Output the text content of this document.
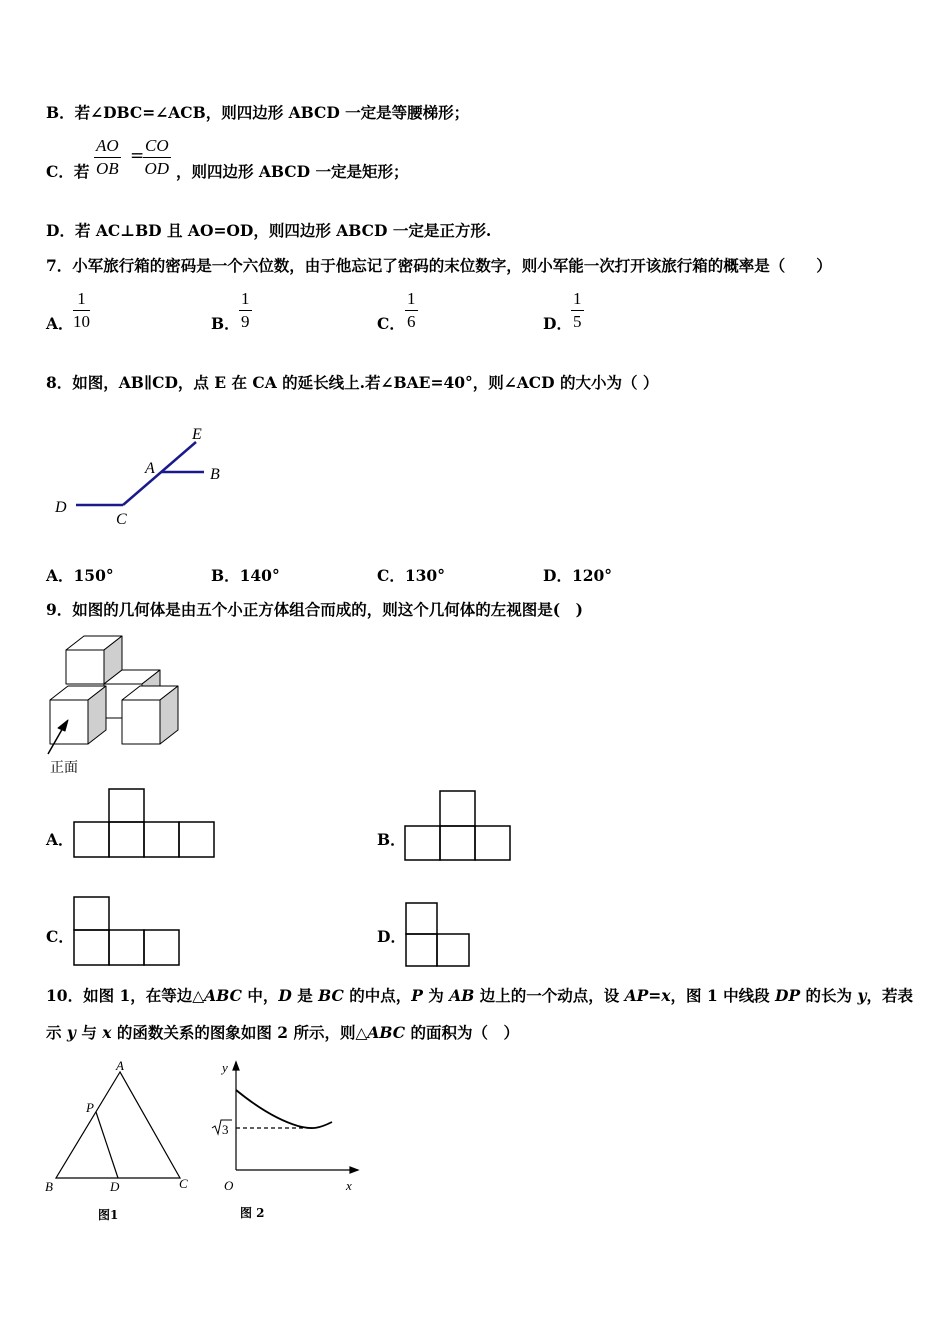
B．若∠DBC=∠ACB，则四边形 ABCD 一定是等腰梯形；
C．若 $\frac{AO}{OB}$ =
$\frac{CO}{OD}$ ，则四边形 ABCD 一定是矩形；
D．若 AC⊥BD 且 AO=OD，则四边形 ABCD 一定是正方形.
7．小军旅行箱的密码是一个六位数，由于他忘记了密码的末位数字，则小军能一次打开该旅行箱的概率是（　　）
A． $\frac{1}{10}$	B． $\frac{1}{9}$	C． $\frac{1}{6}$	D． $\frac{1}{5}$
8．如图，AB∥CD，点 E 在 CA 的延长线上.若∠BAE=40°，则∠ACD 的大小为（ ）
E
A	B
D
C
A．150°	B．140°	C．130°	D．120°
9．如图的几何体是由五个小正方体组合而成的，则这个几何体的左视图是(　)
正面
A．	B．
C．	D．
10．如图 1，在等边△ABC 中，D 是 BC 的中点，P 为 AB 边上的一个动点，设 AP=x，图 1 中线段 DP 的长为 y，若表
示 y 与 x 的函数关系的图象如图 2 所示，则△ABC 的面积为（　）
A
P
B	D	C
图1
y
O	x
3
图 2
